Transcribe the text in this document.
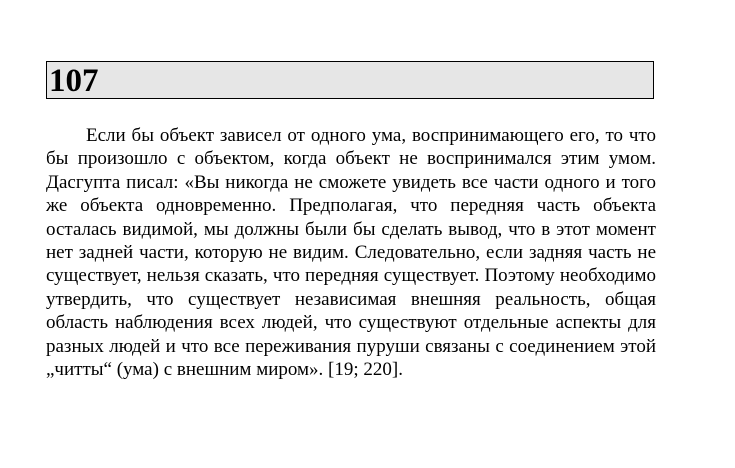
107

Если бы объект зависел от одного ума, воспринимающего его, то что бы произошло с объектом, когда объект не воспринимался этим умом. Дасгупта писал: «Вы никогда не сможете увидеть все части одного и того же объекта одновременно. Предполагая, что передняя часть объекта осталась видимой, мы должны были бы сделать вывод, что в этот момент нет задней части, которую не видим. Следовательно, если задняя часть не существует, нельзя сказать, что передняя существует. Поэтому необходимо утвердить, что существует независимая внешняя реальность, общая область наблюдения всех людей, что существуют отдельные аспекты для разных людей и что все переживания пуруши связаны с соединением этой „читты“ (ума) с внешним миром». [19; 220].
